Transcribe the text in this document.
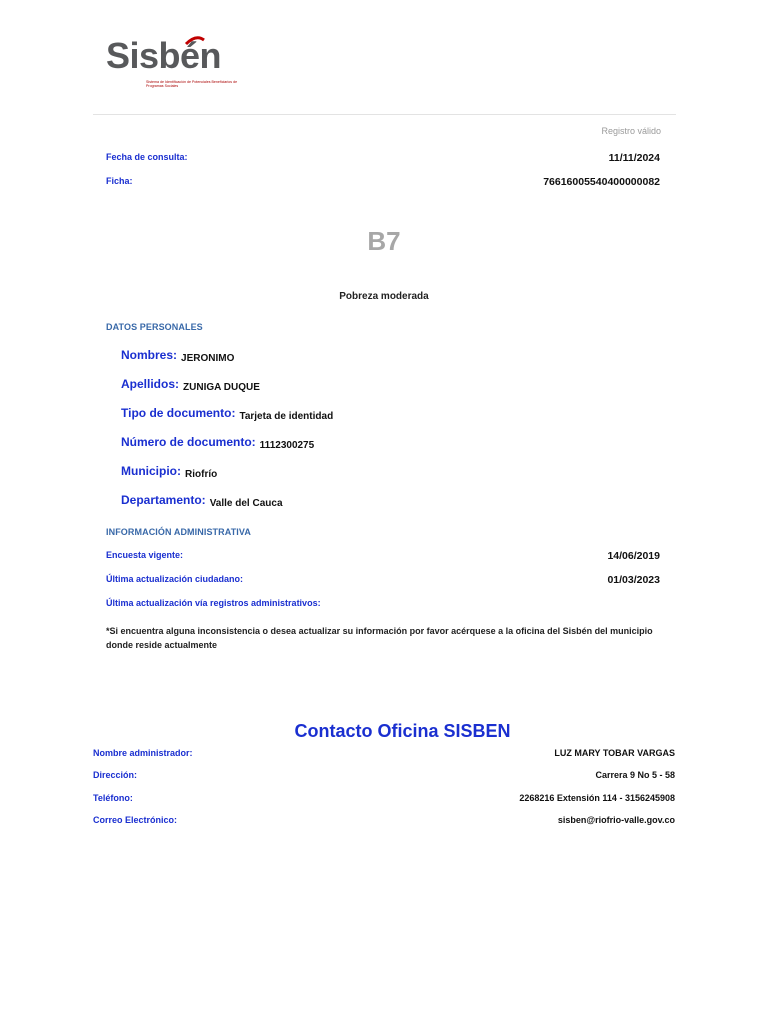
Sisbén
Sistema de Identificación de Potenciales Beneficiarios de Programas Sociales
Registro válido
Fecha de consulta:	11/11/2024
Ficha:	76616005540400000082
B7
Pobreza moderada
DATOS PERSONALES
Nombres: JERONIMO
Apellidos: ZUNIGA DUQUE
Tipo de documento: Tarjeta de identidad
Número de documento: 1112300275
Municipio: Riofrío
Departamento: Valle del Cauca
INFORMACIÓN ADMINISTRATIVA
Encuesta vigente:	14/06/2019
Última actualización ciudadano:	01/03/2023
Última actualización vía registros administrativos:
*Si encuentra alguna inconsistencia o desea actualizar su información por favor acérquese a la oficina del Sisbén del municipio donde reside actualmente
Contacto Oficina SISBEN
Nombre administrador:	LUZ MARY TOBAR VARGAS
Dirección:	Carrera 9 No 5 - 58
Teléfono:	2268216 Extensión 114 - 3156245908
Correo Electrónico:	sisben@riofrio-valle.gov.co
